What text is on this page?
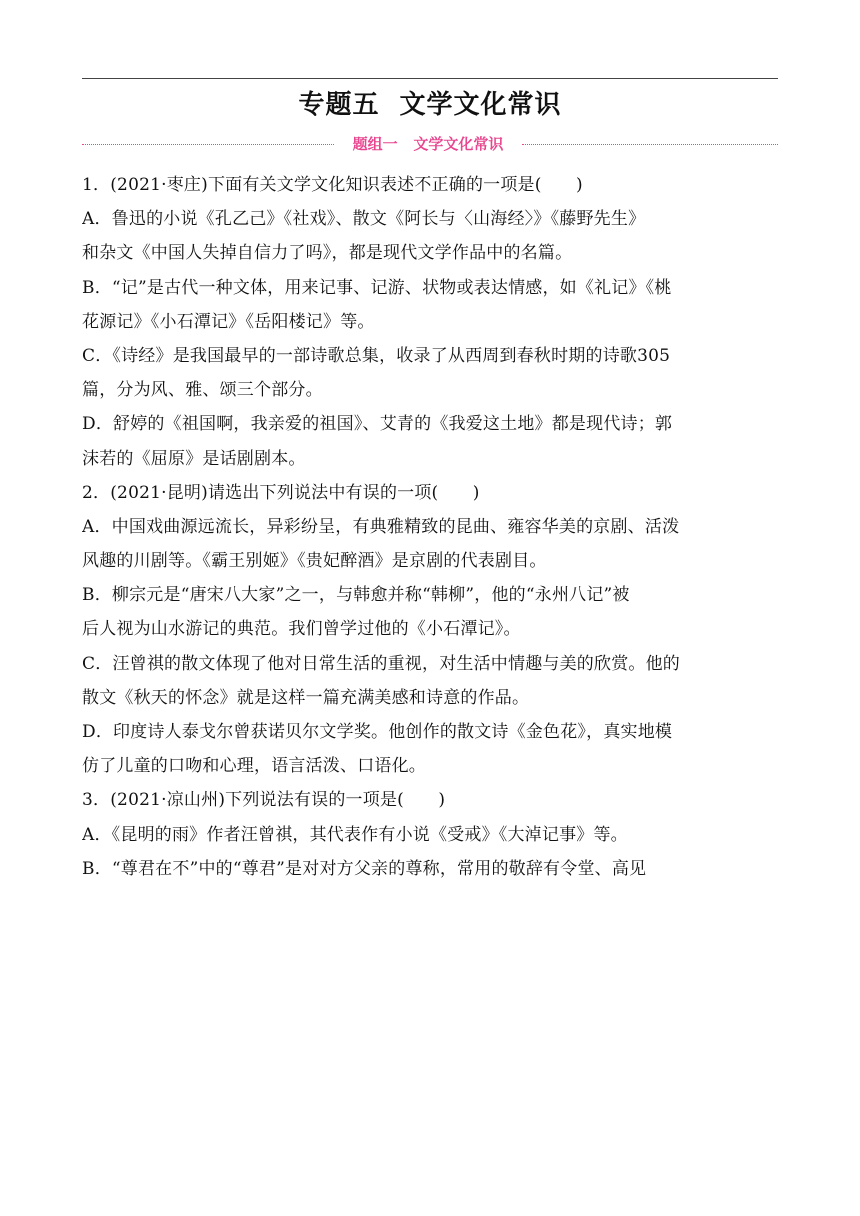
专题五  文学文化常识
题组一   文学文化常识
1．(2021·枣庄)下面有关文学文化知识表述不正确的一项是(　　)
A．鲁迅的小说《孔乙己》《社戏》、散文《阿长与〈山海经〉》《藤野先生》
和杂文《中国人失掉自信力了吗》，都是现代文学作品中的名篇。
B．“记”是古代一种文体，用来记事、记游、状物或表达情感，如《礼记》《桃
花源记》《小石潭记》《岳阳楼记》等。
C．《诗经》是我国最早的一部诗歌总集，收录了从西周到春秋时期的诗歌305
篇，分为风、雅、颂三个部分。
D．舒婷的《祖国啊，我亲爱的祖国》、艾青的《我爱这土地》都是现代诗；郭
沫若的《屈原》是话剧剧本。
2．(2021·昆明)请选出下列说法中有误的一项(　　)
A．中国戏曲源远流长，异彩纷呈，有典雅精致的昆曲、雍容华美的京剧、活泼
风趣的川剧等。《霸王别姬》《贵妃醉酒》是京剧的代表剧目。
B．柳宗元是“唐宋八大家”之一，与韩愈并称“韩柳”，他的“永州八记”被
后人视为山水游记的典范。我们曾学过他的《小石潭记》。
C．汪曾祺的散文体现了他对日常生活的重视，对生活中情趣与美的欣赏。他的
散文《秋天的怀念》就是这样一篇充满美感和诗意的作品。
D．印度诗人泰戈尔曾获诺贝尔文学奖。他创作的散文诗《金色花》，真实地模
仿了儿童的口吻和心理，语言活泼、口语化。
3．(2021·凉山州)下列说法有误的一项是(　　)
A．《昆明的雨》作者汪曾祺，其代表作有小说《受戒》《大淖记事》等。
B．“尊君在不”中的“尊君”是对对方父亲的尊称，常用的敬辞有令堂、高见
